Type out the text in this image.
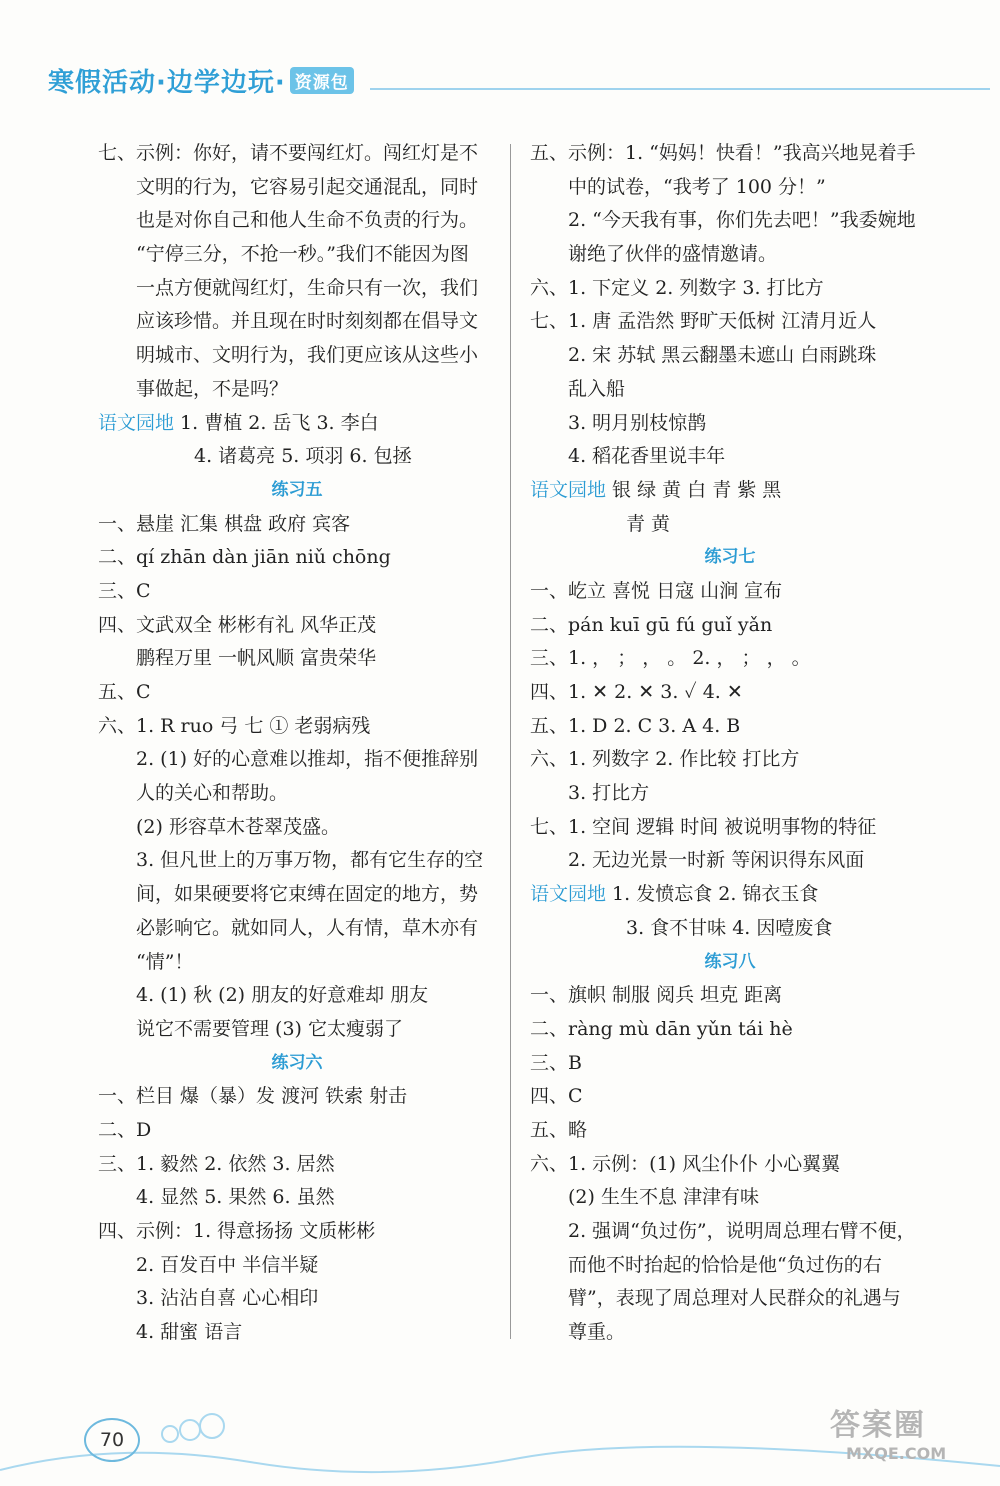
寒假活动·边学边玩· 资源包
七、示例：你好，请不要闯红灯。闯红灯是不
文明的行为，它容易引起交通混乱，同时
也是对你自己和他人生命不负责的行为。
“宁停三分，不抢一秒。”我们不能因为图
一点方便就闯红灯，生命只有一次，我们
应该珍惜。并且现在时时刻刻都在倡导文
明城市、文明行为，我们更应该从这些小
事做起，不是吗？
语文园地 1. 曹植 2. 岳飞 3. 李白
4. 诸葛亮 5. 项羽 6. 包拯
练习五
一、悬崖 汇集 棋盘 政府 宾客
二、qí zhān dàn jiān niǔ chōng
三、C
四、文武双全 彬彬有礼 风华正茂
鹏程万里 一帆风顺 富贵荣华
五、C
六、1. R ruo 弓 七 ① 老弱病残
2. (1) 好的心意难以推却，指不便推辞别
人的关心和帮助。
(2) 形容草木苍翠茂盛。
3. 但凡世上的万事万物，都有它生存的空
间，如果硬要将它束缚在固定的地方，势
必影响它。就如同人，人有情，草木亦有
“情”！
4. (1) 秋 (2) 朋友的好意难却 朋友
说它不需要管理 (3) 它太瘦弱了
练习六
一、栏目 爆（暴）发 渡河 铁索 射击
二、D
三、1. 毅然 2. 依然 3. 居然
4. 显然 5. 果然 6. 虽然
四、示例：1. 得意扬扬 文质彬彬
2. 百发百中 半信半疑
3. 沾沾自喜 心心相印
4. 甜蜜 语言
五、示例：1. “妈妈！快看！”我高兴地晃着手
中的试卷，“我考了 100 分！”
2. “今天我有事，你们先去吧！”我委婉地
谢绝了伙伴的盛情邀请。
六、1. 下定义 2. 列数字 3. 打比方
七、1. 唐 孟浩然 野旷天低树 江清月近人
2. 宋 苏轼 黑云翻墨未遮山 白雨跳珠
乱入船
3. 明月别枝惊鹊
4. 稻花香里说丰年
语文园地 银 绿 黄 白 青 紫 黑
青 黄
练习七
一、屹立 喜悦 日寇 山涧 宣布
二、pán kuī gū fú guǐ yǎn
三、1. ， ； ， 。 2. ， ； ， 。
四、1. ✕ 2. ✕ 3. ✓ 4. ✕
五、1. D 2. C 3. A 4. B
六、1. 列数字 2. 作比较 打比方
3. 打比方
七、1. 空间 逻辑 时间 被说明事物的特征
2. 无边光景一时新 等闲识得东风面
语文园地 1. 发愤忘食 2. 锦衣玉食
3. 食不甘味 4. 因噎废食
练习八
一、旗帜 制服 阅兵 坦克 距离
二、ràng mù dān yǔn tái hè
三、B
四、C
五、略
六、1. 示例：(1) 风尘仆仆 小心翼翼
(2) 生生不息 津津有味
2. 强调“负过伤”，说明周总理右臂不便，
而他不时抬起的恰恰是他“负过伤的右
臂”，表现了周总理对人民群众的礼遇与
尊重。
70	答案圈
MXQE.COM
